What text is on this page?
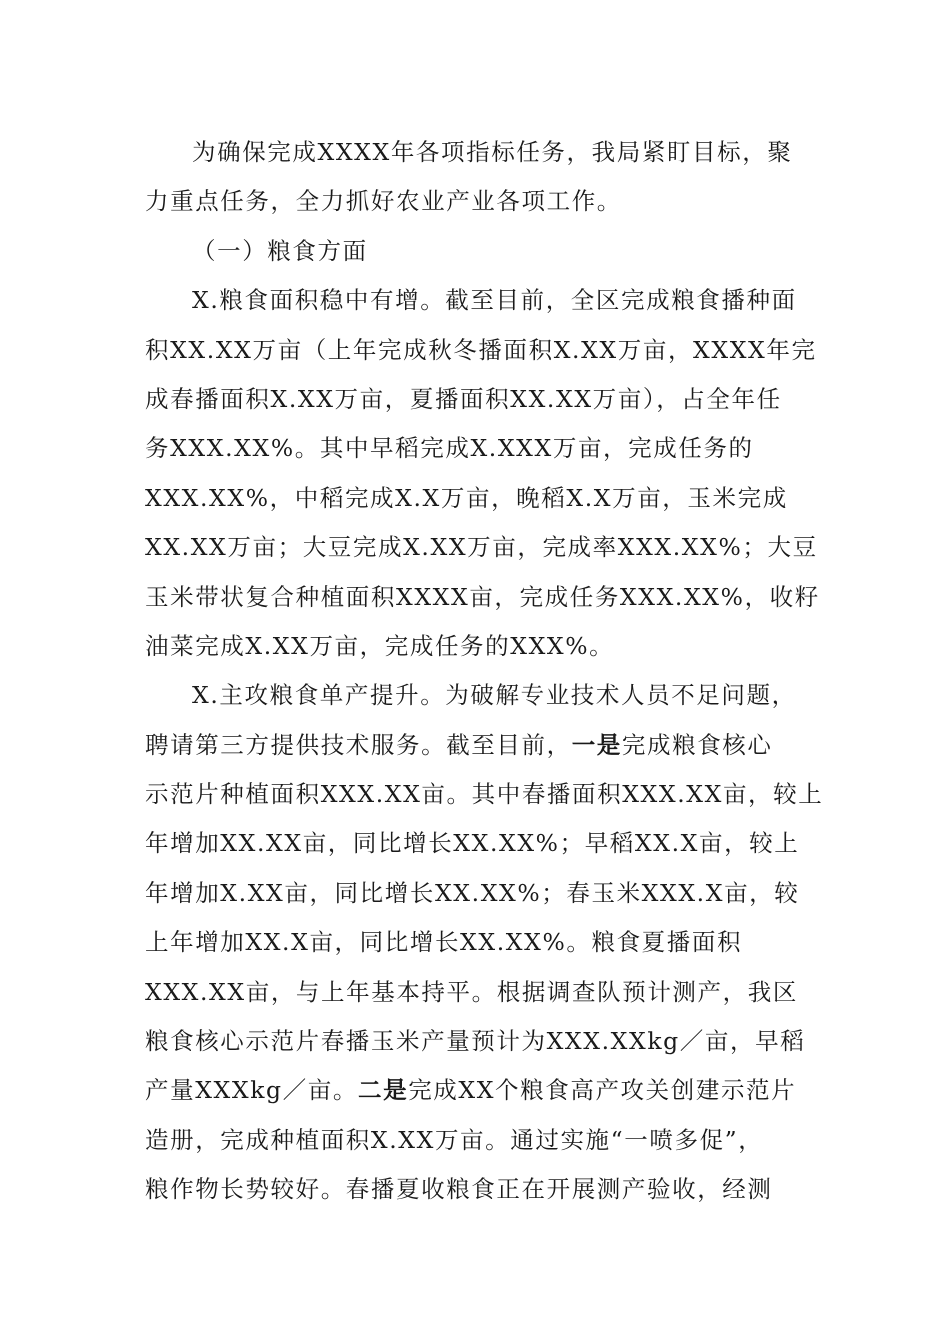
为确保完成XXXX年各项指标任务，我局紧盯目标，聚
力重点任务，全力抓好农业产业各项工作。
（一）粮食方面
X.粮食面积稳中有增。截至目前，全区完成粮食播种面
积XX.XX万亩（上年完成秋冬播面积X.XX万亩，XXXX年完
成春播面积X.XX万亩，夏播面积XX.XX万亩），占全年任
务XXX.XX%。其中早稻完成X.XXX万亩，完成任务的
XXX.XX%，中稻完成X.X万亩，晚稻X.X万亩，玉米完成
XX.XX万亩；大豆完成X.XX万亩，完成率XXX.XX%；大豆
玉米带状复合种植面积XXXX亩，完成任务XXX.XX%，收籽
油菜完成X.XX万亩，完成任务的XXX%。
X.主攻粮食单产提升。为破解专业技术人员不足问题，
聘请第三方提供技术服务。截至目前，一是完成粮食核心
示范片种植面积XXX.XX亩。其中春播面积XXX.XX亩，较上
年增加XX.XX亩，同比增长XX.XX%；早稻XX.X亩，较上
年增加X.XX亩，同比增长XX.XX%；春玉米XXX.X亩，较
上年增加XX.X亩，同比增长XX.XX%。粮食夏播面积
XXX.XX亩，与上年基本持平。根据调查队预计测产，我区
粮食核心示范片春播玉米产量预计为XXX.XXkg／亩，早稻
产量XXXkg／亩。二是完成XX个粮食高产攻关创建示范片
造册，完成种植面积X.XX万亩。通过实施“一喷多促”，
粮作物长势较好。春播夏收粮食正在开展测产验收，经测
